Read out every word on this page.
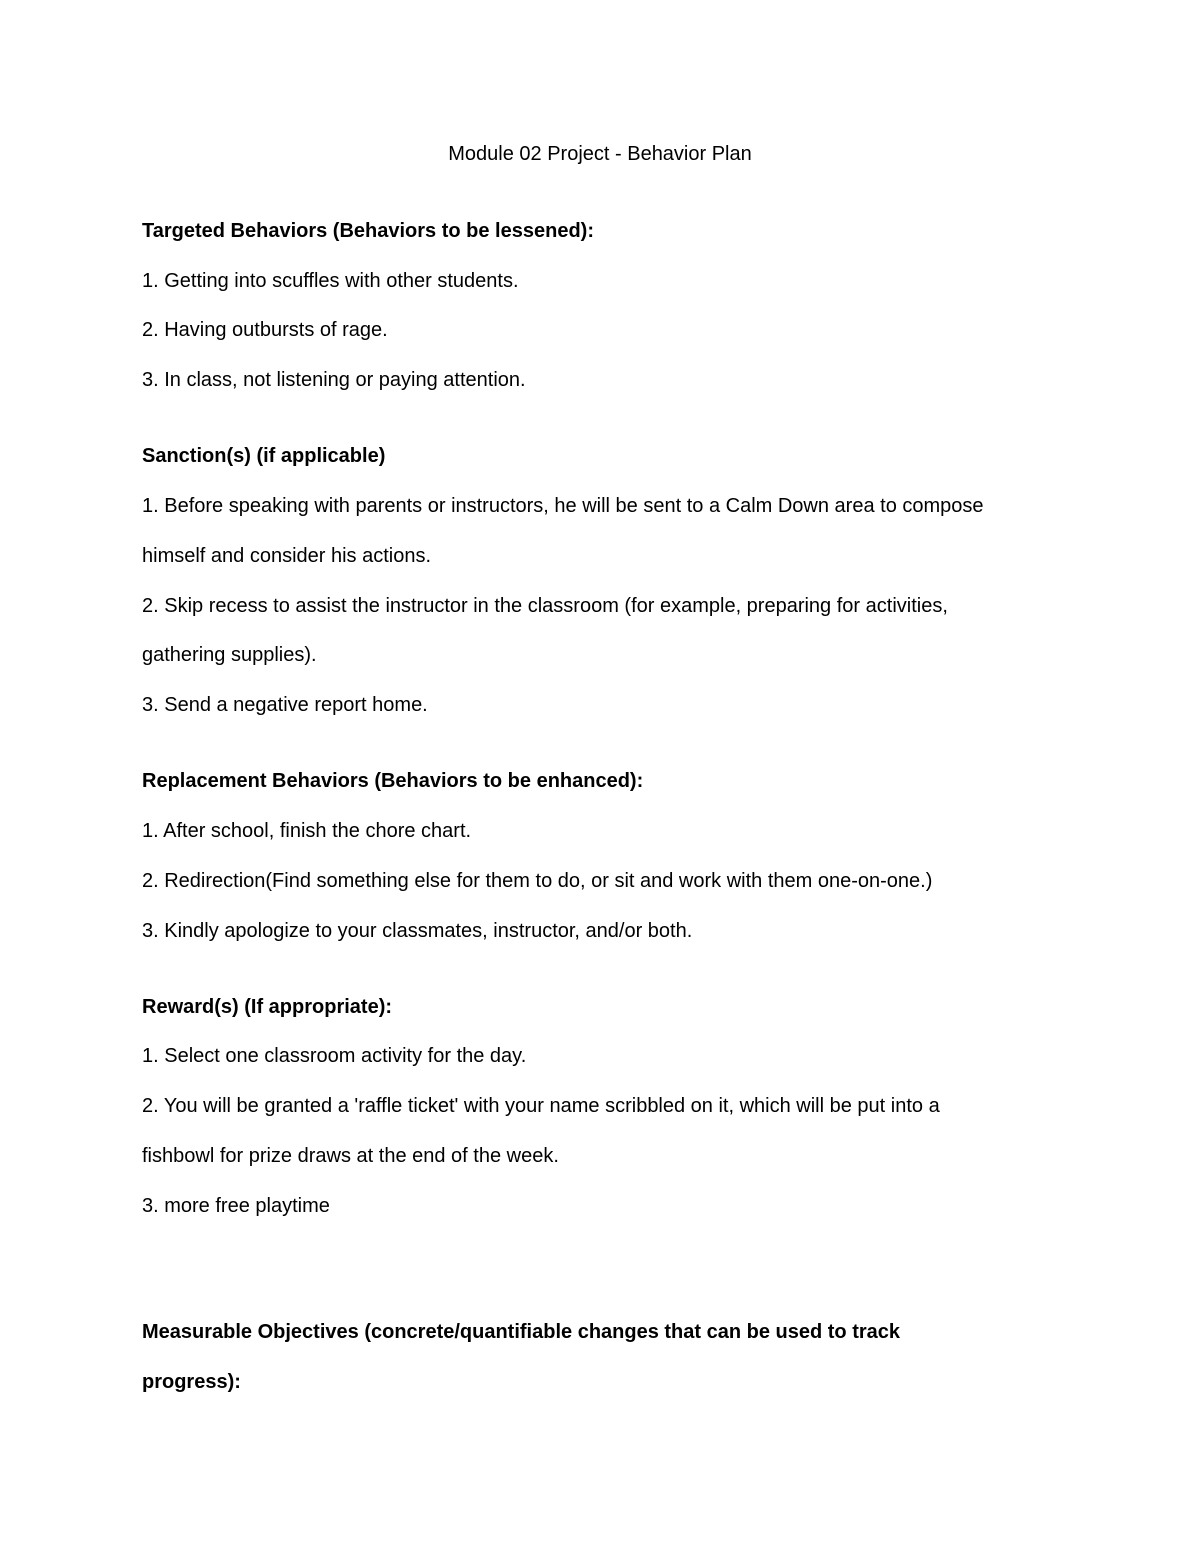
Module 02 Project - Behavior Plan
Targeted Behaviors (Behaviors to be lessened):
1. Getting into scuffles with other students.
2. Having outbursts of rage.
3. In class, not listening or paying attention.
Sanction(s) (if applicable)
1. Before speaking with parents or instructors, he will be sent to a Calm Down area to compose
himself and consider his actions.
2. Skip recess to assist the instructor in the classroom (for example, preparing for activities,
gathering supplies).
3. Send a negative report home.
Replacement Behaviors (Behaviors to be enhanced):
1. After school, finish the chore chart.
2. Redirection(Find something else for them to do, or sit and work with them one-on-one.)
3. Kindly apologize to your classmates, instructor, and/or both.
Reward(s) (If appropriate):
1. Select one classroom activity for the day.
2. You will be granted a 'raffle ticket' with your name scribbled on it, which will be put into a
fishbowl for prize draws at the end of the week.
3. more free playtime
Measurable Objectives (concrete/quantifiable changes that can be used to track
progress):
